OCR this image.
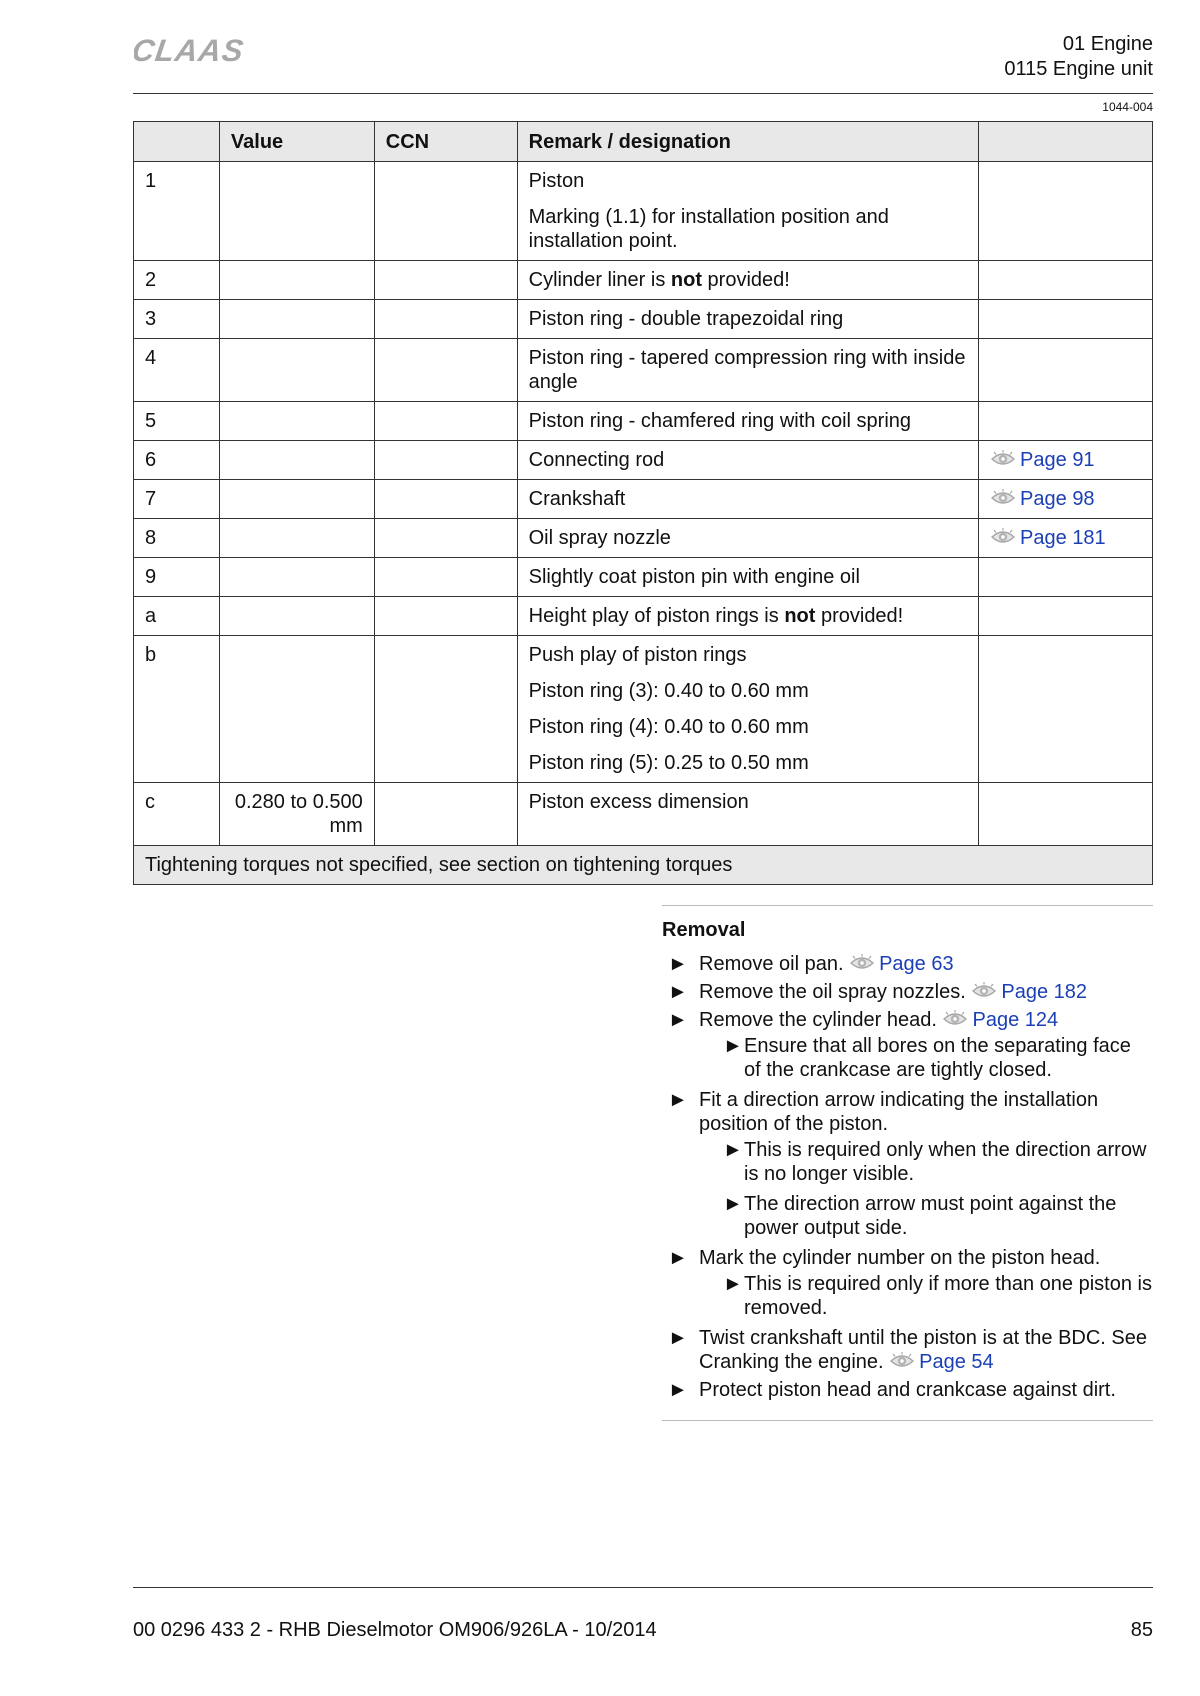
CLAAS	01 Engine
0115 Engine unit
1044-004
	Value	CCN	Remark / designation	
1			Piston

Marking (1.1) for installation position and installation point.	

2			Cylinder liner is not provided!	

3			Piston ring - double trapezoidal ring	

4			Piston ring - tapered compression ring with inside angle	

5			Piston ring - chamfered ring with coil spring	

6			Connecting rod	Page 91
7			Crankshaft	Page 98
8			Oil spray nozzle	Page 181
9			Slightly coat piston pin with engine oil	

a			Height play of piston rings is not provided!	

b			Push play of piston rings

Piston ring (3): 0.40 to 0.60 mm

Piston ring (4): 0.40 to 0.60 mm

Piston ring (5): 0.25 to 0.50 mm	

c	0.280 to 0.500 mm		Piston excess dimension	

Tightening torques not specified, see section on tightening torques				
Removal
► Remove oil pan. Page 63
► Remove the oil spray nozzles. Page 182
► Remove the cylinder head. Page 124
► Ensure that all bores on the separating face of the crankcase are tightly closed.
► Fit a direction arrow indicating the installation position of the piston.
► This is required only when the direction arrow is no longer visible.
► The direction arrow must point against the power output side.
► Mark the cylinder number on the piston head.
► This is required only if more than one piston is removed.
► Twist crankshaft until the piston is at the BDC. See Cranking the engine. Page 54
► Protect piston head and crankcase against dirt.
00 0296 433 2 - RHB Dieselmotor OM906/926LA - 10/2014	85
